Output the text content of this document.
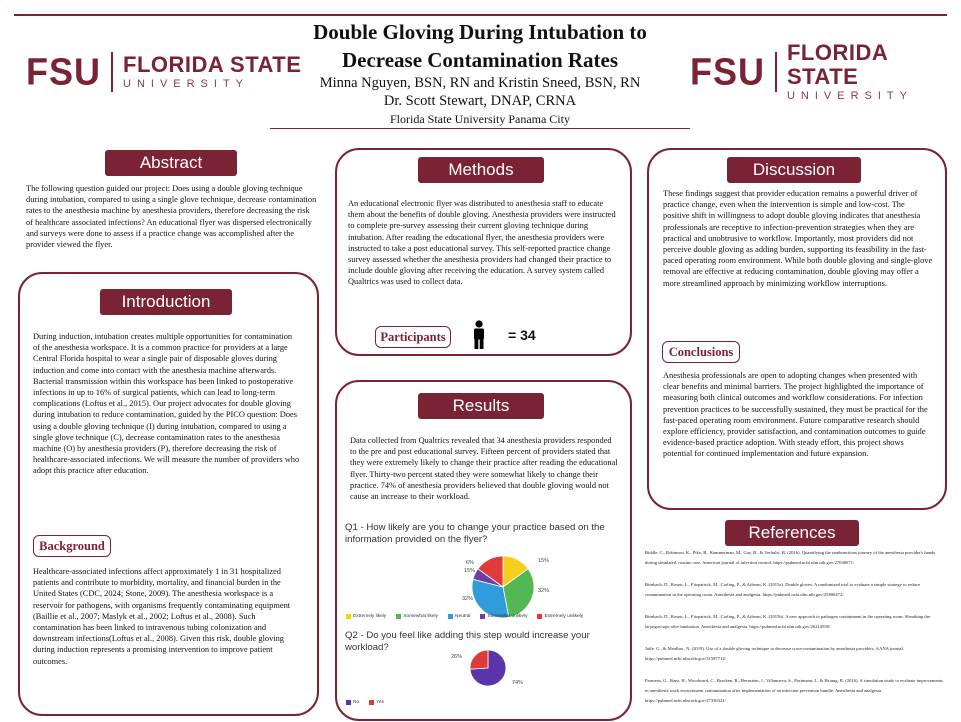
FSU FLORIDA STATE
UNIVERSITY	FSU FLORIDA STATE
UNIVERSITY
Double Gloving During Intubation to
Decrease Contamination Rates
Minna Nguyen, BSN, RN and Kristin Sneed, BSN, RN
Dr. Scott Stewart, DNAP, CRNA
Florida State University Panama City
Abstract
The following question guided our project: Does using a double gloving technique during intubation, compared to using a single glove technique, decrease contamination rates to the anesthesia machine by anesthesia providers, therefore decreasing the risk of healthcare associated infections? An educational flyer was dispersed electronically and surveys were done to assess if a practice change was accomplished after the provider viewed the flyer.
Introduction
During induction, intubation creates multiple opportunities for contamination of the anesthesia workspace. It is a common practice for providers at a large Central Florida hospital to wear a single pair of disposable gloves during induction and come into contact with the anesthesia machine afterwards. Bacterial transmission within this workspace has been linked to postoperative infections in up to 16% of surgical patients, which can lead to long-term complications (Loftus et al., 2015). Our project advocates for double gloving during intubation to reduce contamination, guided by the PICO question: Does using a double gloving technique (I) during intubation, compared to using a single glove technique (C), decrease contamination rates to the anesthesia machine (O) by anesthesia providers (P), therefore decreasing the risk of healthcare-associated infections. We will measure the number of providers who adopt this practice after education.
Background
Healthcare-associated infections affect approximately 1 in 31 hospitalized patients and contribute to morbidity, mortality, and financial burden in the United States (CDC, 2024; Stone, 2009). The anesthesia workspace is a reservoir for pathogens, with organisms frequently contaminating equipment (Baillie et al., 2007; Maslyk et al., 2002; Loftus et al., 2008). Such contamination has been linked to intravenous tubing colonization and downstream infections(Loftus et al., 2008). Given this risk, double gloving during induction represents a promising intervention to improve patient outcomes.
Methods
An educational electronic flyer was distributed to anesthesia staff to educate them about the benefits of double gloving. Anesthesia providers were instructed to complete pre-survey assessing their current gloving technique during intubation. After reading the educational flyer, the anesthesia providers were instructed to take a post educational survey. This self-reported practice change survey assessed whether the anesthesia providers had changed their practice to include double gloving after receiving the education. A survey system called Qualtrics was used to collect data.
Participants	= 34
Results
Data collected from Qualtrics revealed that 34 anesthesia providers responded to the pre and post educational survey. Fifteen percent of providers stated that they were extremely likely to change their practice after reading the educational flyer. Thirty-two percent stated they were somewhat likely to change their practice. 74% of anesthesia providers believed that double gloving would not cause an increase to their workload.
Q1 - How likely are you to change your practice based on the information provided on the flyer?
15%
32%
32%
6%
15%
Extremely likely	Somewhat likely	Neutral	Somewhat unlikely	Extremely unlikely
Q2 - Do you feel like adding this step would increase your workload?
74%
26%
No	Yes
Discussion
These findings suggest that provider education remains a powerful driver of practice change, even when the intervention is simple and low-cost. The positive shift in willingness to adopt double gloving indicates that anesthesia professionals are receptive to infection-prevention strategies when they are practical and unobtrusive to workflow. Importantly, most providers did not perceive double gloving as adding burden, supporting its feasibility in the fast-paced operating room environment. While both double gloving and single-glove removal are effective at reducing contamination, double gloving may offer a more streamlined approach by minimizing workflow interruptions.
Conclusions
Anesthesia professionals are open to adopting changes when presented with clear benefits and minimal barriers. The project highlighted the importance of measuring both clinical outcomes and workflow considerations. For infection prevention practices to be successfully sustained, they must be practical for the fast-paced operating room environment. Future comparative research should explore efficiency, provider satisfaction, and contamination outcomes to guide evidence-based practice adoption. With steady effort, this project shows potential for continued implementation and future expansion.
References
Biddle, C., Robinson, K., Pike, B., Kammerman, M., Gay, B., & Verhulst, B. (2016). Quantifying the rambunctious journey of the anesthesia provider's hands during simulated, routine care. American journal of infection control. https://pubmed.ncbi.nlm.nih.gov/27040671/
Birnbach, D., Rosen, L., Fitzpatrick, M., Carling, P., & Arheart, K. (2015a). Double gloves: A randomized trial to evaluate a simple strategy to reduce contamination in the operating room. Anesthesia and analgesia. https://pubmed.ncbi.nlm.nih.gov/25806472/
Birnbach, D., Rosen, L., Fitzpatrick, M., Carling, P., & Arheart, K. (2015b). A new approach to pathogen containment in the operating room: Sheathing the laryngoscope after intubation. Anesthesia and analgesia. https://pubmed.ncbi.nlm.nih.gov/26214550/
Jaffe, G., & Meulbac, N. (2019). Use of a double gloving technique to decrease cross-contamination by anesthesia providers. AANA journal. https://pubmed.ncbi.nlm.nih.gov/31587712/
Parmeos, G., Baez, H., Woodward, C., Bracken, R., Bernstein, J., Villanueva, S., Portmann, J., & Hsiung, R. (2016). A simulation study to evaluate improvements in anesthesia work environment contamination after implementation of an infection prevention bundle. Anesthesia and analgesia. https://pubmed.ncbi.nlm.nih.gov/27336321/
